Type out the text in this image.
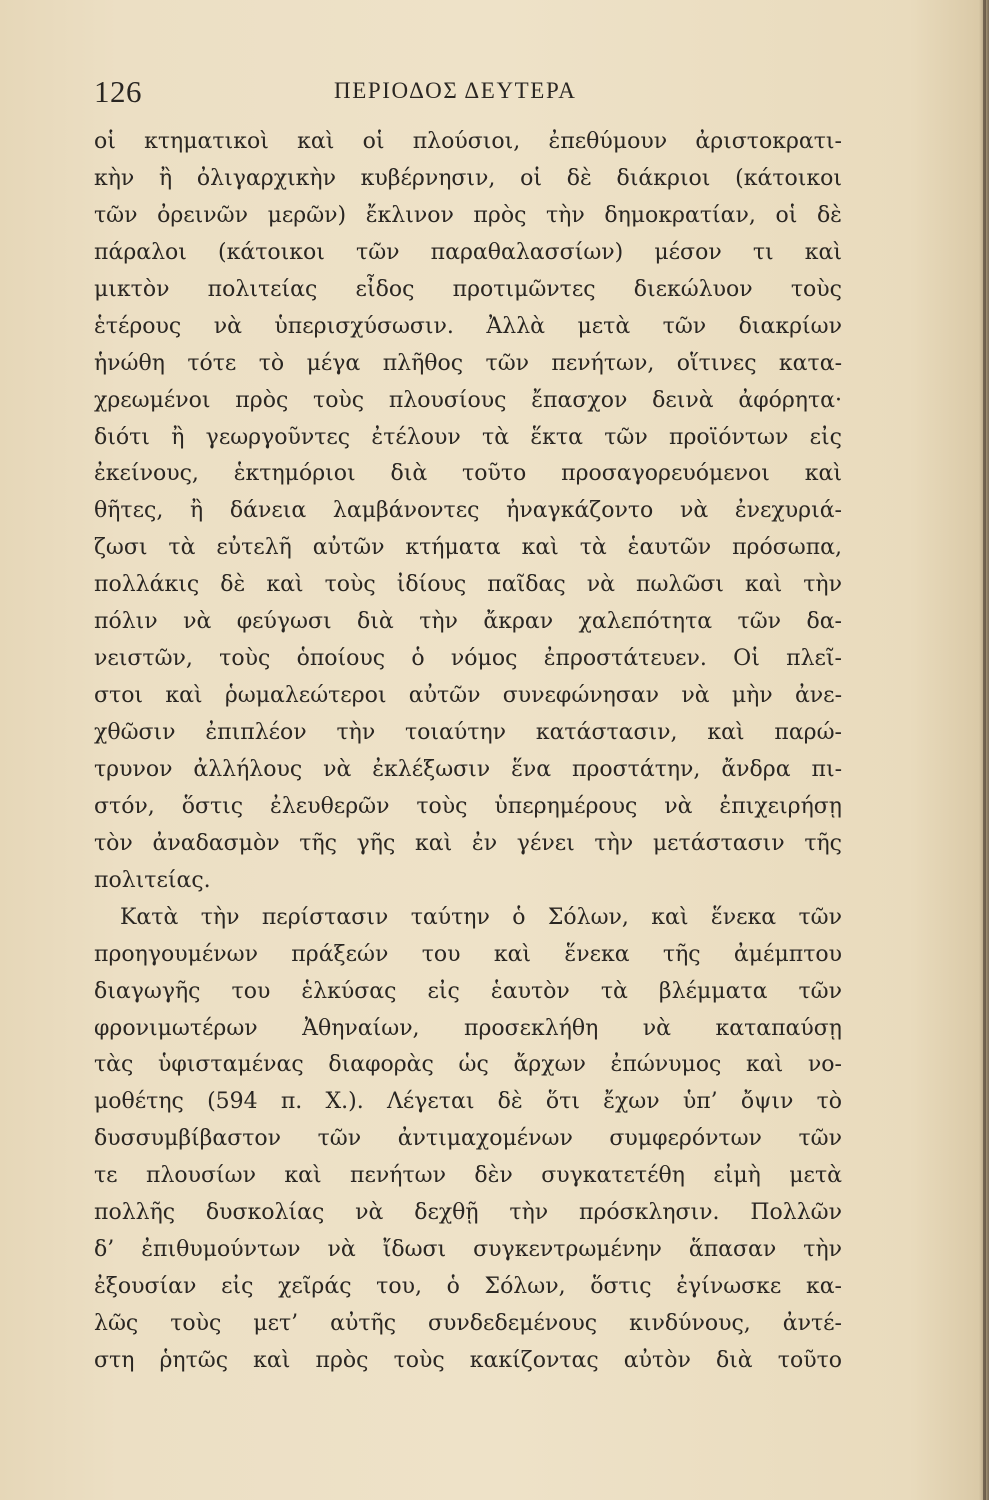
126	ΠΕΡΙΟΔΟΣ ΔΕΥΤΕΡΑ
οἱ κτηματικοὶ καὶ οἱ πλούσιοι, ἐπεθύμουν ἀριστοκρατι-
κὴν ἢ ὀλιγαρχικὴν κυβέρνησιν, οἱ δὲ διάκριοι (κάτοικοι
τῶν ὀρεινῶν μερῶν) ἔκλινον πρὸς τὴν δημοκρατίαν, οἱ δὲ
πάραλοι (κάτοικοι τῶν παραθαλασσίων) μέσον τι καὶ
μικτὸν πολιτείας εἶδος προτιμῶντες διεκώλυον τοὺς
ἑτέρους νὰ ὑπερισχύσωσιν. Ἀλλὰ μετὰ τῶν διακρίων
ἡνώθη τότε τὸ μέγα πλῆθος τῶν πενήτων, οἵτινες κατα-
χρεωμένοι πρὸς τοὺς πλουσίους ἔπασχον δεινὰ ἀφόρητα·
διότι ἢ γεωργοῦντες ἐτέλουν τὰ ἕκτα τῶν προϊόντων εἰς
ἐκείνους, ἑκτημόριοι διὰ τοῦτο προσαγορευόμενοι καὶ
θῆτες, ἢ δάνεια λαμβάνοντες ἠναγκάζοντο νὰ ἐνεχυριά-
ζωσι τὰ εὐτελῆ αὐτῶν κτήματα καὶ τὰ ἑαυτῶν πρόσωπα,
πολλάκις δὲ καὶ τοὺς ἰδίους παῖδας νὰ πωλῶσι καὶ τὴν
πόλιν νὰ φεύγωσι διὰ τὴν ἄκραν χαλεπότητα τῶν δα-
νειστῶν, τοὺς ὁποίους ὁ νόμος ἐπροστάτευεν. Οἱ πλεῖ-
στοι καὶ ῥωμαλεώτεροι αὐτῶν συνεφώνησαν νὰ μὴν ἀνε-
χθῶσιν ἐπιπλέον τὴν τοιαύτην κατάστασιν, καὶ παρώ-
τρυνον ἀλλήλους νὰ ἐκλέξωσιν ἕνα προστάτην, ἄνδρα πι-
στόν, ὅστις ἐλευθερῶν τοὺς ὑπερημέρους νὰ ἐπιχειρήσῃ
τὸν ἀναδασμὸν τῆς γῆς καὶ ἐν γένει τὴν μετάστασιν τῆς
πολιτείας.
Κατὰ τὴν περίστασιν ταύτην ὁ Σόλων, καὶ ἕνεκα τῶν
προηγουμένων πράξεών του καὶ ἕνεκα τῆς ἀμέμπτου
διαγωγῆς του ἑλκύσας εἰς ἑαυτὸν τὰ βλέμματα τῶν
φρονιμωτέρων Ἀθηναίων, προσεκλήθη νὰ καταπαύσῃ
τὰς ὑφισταμένας διαφορὰς ὡς ἄρχων ἐπώνυμος καὶ νο-
μοθέτης (594 π. Χ.). Λέγεται δὲ ὅτι ἔχων ὑπ’ ὄψιν τὸ
δυσσυμβίβαστον τῶν ἀντιμαχομένων συμφερόντων τῶν
τε πλουσίων καὶ πενήτων δὲν συγκατετέθη εἰμὴ μετὰ
πολλῆς δυσκολίας νὰ δεχθῇ τὴν πρόσκλησιν. Πολλῶν
δ’ ἐπιθυμούντων νὰ ἴδωσι συγκεντρωμένην ἅπασαν τὴν
ἐξουσίαν εἰς χεῖράς του, ὁ Σόλων, ὅστις ἐγίνωσκε κα-
λῶς τοὺς μετ’ αὐτῆς συνδεδεμένους κινδύνους, ἀντέ-
στη ῥητῶς καὶ πρὸς τοὺς κακίζοντας αὐτὸν διὰ τοῦτο
